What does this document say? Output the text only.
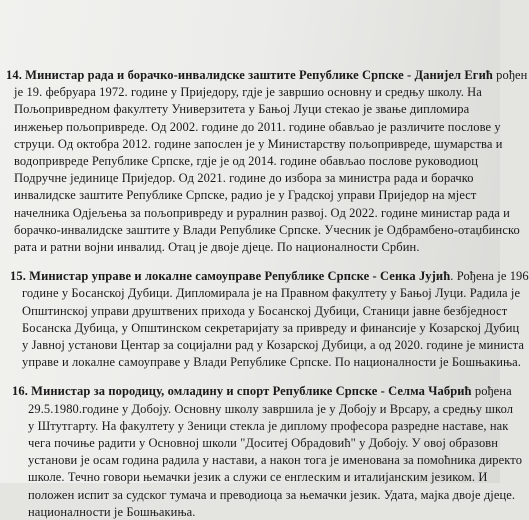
14. Министар рада и борачко-инвалидске заштите Републике Српске - Данијел Егић рођен
је 19. фебруара 1972. године у Приједору, гдје је завршио основну и средњу школу. На
Пољопривредном факултету Универзитета у Бањој Луци стекао је звање дипломира
инжењер пољопривреде. Од 2002. године до 2011. године обављао је различите послове у
струци. Од октобра 2012. године запослен је у Министарству пољопривреде, шумарства и
водопривреде Републике Српске, гдје је од 2014. године обављао послове руководиоц
Подручне јединице Приједор. Од 2021. године до избора за министра рада и борачко
инвалидске заштите Републике Српске, радио је у Градској управи Приједор на мјест
начелника Одјељења за пољопривреду и руралнин развој. Од 2022. године министар рада и
борачко-инвалидске заштите у Влади Републике Српске. Учесник је Одбрамбено-отаџбинско
рата и ратни војни инвалид. Отац је двоје дјеце. По националности Србин.
15. Министар управе и локалне самоуправе Републике Српске - Сенка Јујић. Рођена је 196
године у Босанској Дубици. Дипломирала је на Правном факултету у Бањој Луци. Радила је
Општинској управи друштвених прихода у Босанској Дубици, Станици јавне безбједност
Босанска Дубица, у Општинском секретаријату за привреду и финансије у Козарској Дубиц
у Јавној установи Центар за социјални рад у Козарској Дубици, а од 2020. године је министа
управе и локалне самоуправе у Влади Републике Српске. По националности је Бошњакиња.
16. Министар за породицу, омладину и спорт Републике Српске - Селма Чабрић рођена
29.5.1980.године у Добоју. Основну школу завршила је у Добоју и Врсару, а средњу школ
у Штутгарту. На факултету у Зеници стекла је диплому професора разредне наставе, нак
чега почиње радити у Основној школи "Доситеј Обрадовић" у Добоју. У овој образовн
установи је осам година радила у настави, а након тога је именована за помоћника директо
школе. Течно говори њемачки језик а служи се енглеским и италијанским језиком. И
положен испит за судског тумача и преводиоца за њемачки језик. Удата, мајка двоје дјеце.
националности је Бошњакиња.
